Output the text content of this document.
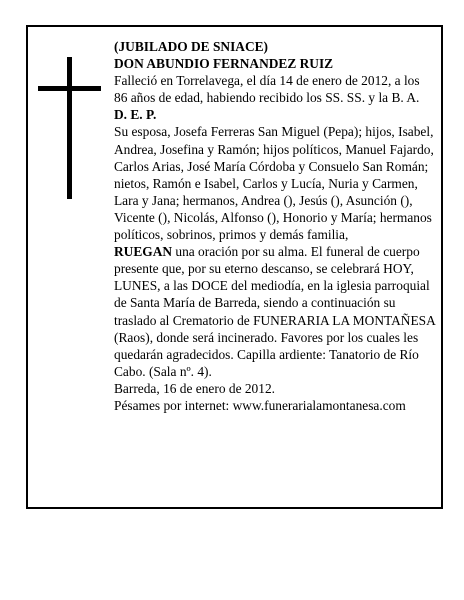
(JUBILADO DE SNIACE)

DON ABUNDIO FERNANDEZ RUIZ

Falleció en Torrelavega, el día 14 de enero de 2012, a los 86 años de edad, habiendo recibido los SS. SS. y la B. A.

D. E. P.

Su esposa, Josefa Ferreras San Miguel (Pepa); hijos, Isabel, Andrea, Josefina y Ramón; hijos políticos, Manuel Fajardo, Carlos Arias, José María Córdoba y Consuelo San Román; nietos, Ramón e Isabel, Carlos y Lucía, Nuria y Carmen, Lara y Jana; hermanos, Andrea (), Jesús (), Asunción (), Vicente (), Nicolás, Alfonso (), Honorio y María; hermanos políticos, sobrinos, primos y demás familia,

RUEGAN una oración por su alma. El funeral de cuerpo presente que, por su eterno descanso, se celebrará HOY, LUNES, a las DOCE del mediodía, en la iglesia parroquial de Santa María de Barreda, siendo a continuación su traslado al Crematorio de FUNERARIA LA MONTAÑESA (Raos), donde será incinerado. Favores por los cuales les quedarán agradecidos. Capilla ardiente: Tanatorio de Río Cabo. (Sala nº. 4).

Barreda, 16 de enero de 2012.

Pésames por internet: www.funerarialamontanesa.com
